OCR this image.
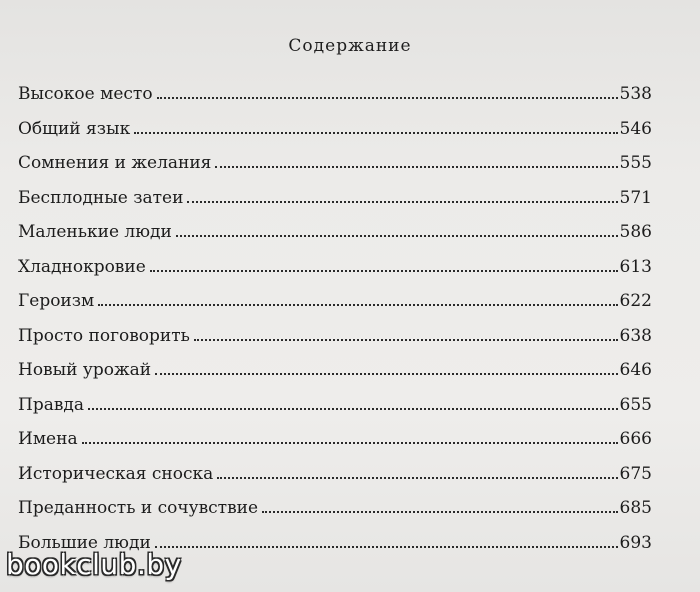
Содержание
Высокое место	538
Общий язык	546
Сомнения и желания	555
Бесплодные затеи	571
Маленькие люди	586
Хладнокровие	613
Героизм	622
Просто поговорить	638
Новый урожай	646
Правда	655
Имена	666
Историческая сноска	675
Преданность и сочувствие	685
Большие люди	693
bookclub.by
